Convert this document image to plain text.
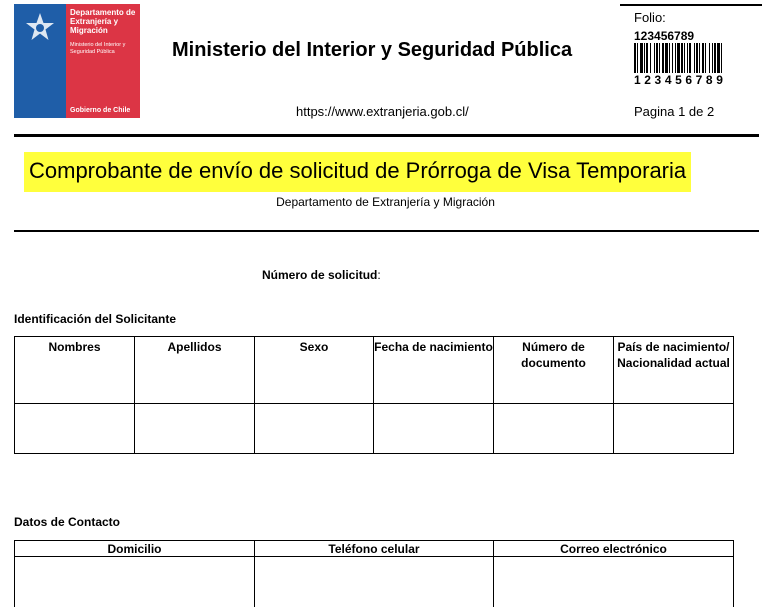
Departamento de Extranjería y Migración
Ministerio del Interior y Seguridad Pública
Gobierno de Chile
Ministerio del Interior y Seguridad Pública
https://www.extranjeria.gob.cl/
Folio:
123456789
123456789
Pagina 1 de 2
Comprobante de envío de solicitud de Prórroga de Visa Temporaria
Departamento de Extranjería y Migración
Número de solicitud:
Identificación del Solicitante
Nombres	Apellidos	Sexo	Fecha de nacimiento	Número de documento	País de nacimiento/ Nacionalidad actual

Datos de Contacto
Domicilio	Teléfono celular	Correo electrónico
